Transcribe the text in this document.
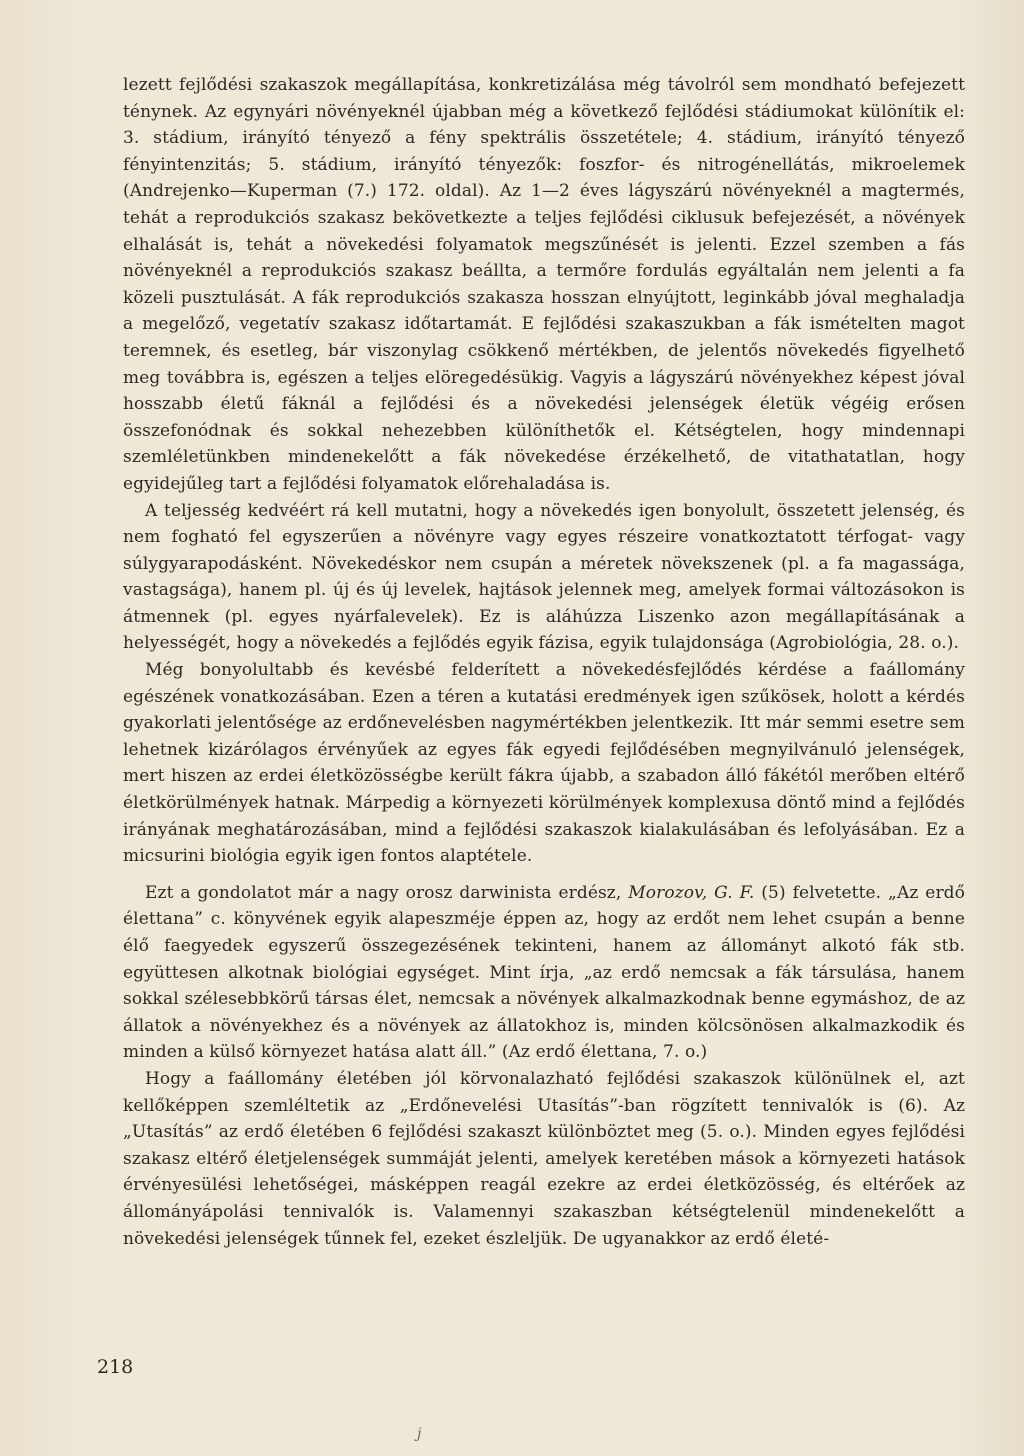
lezett fejlődési szakaszok megállapítása, konkretizálása még távolról sem mondható befejezett ténynek. Az egynyári növényeknél újabban még a következő fejlődési stádiumokat különítik el: 3. stádium, irányító tényező a fény spektrális összetétele; 4. stádium, irányító tényező fényintenzitás; 5. stádium, irányító tényezők: foszfor- és nitrogénellátás, mikroelemek (Andrejenko—Kuperman (7.) 172. oldal). Az 1—2 éves lágyszárú növényeknél a magtermés, tehát a reprodukciós szakasz bekövetkezte a teljes fejlődési ciklusuk befejezését, a növények elhalását is, tehát a növekedési folyamatok megszűnését is jelenti. Ezzel szemben a fás növényeknél a reprodukciós szakasz beállta, a termőre fordulás egyáltalán nem jelenti a fa közeli pusztulását. A fák reprodukciós szakasza hosszan elnyújtott, leginkább jóval meghaladja a megelőző, vegetatív szakasz időtartamát. E fejlődési szakaszukban a fák ismételten magot teremnek, és esetleg, bár viszonylag csökkenő mértékben, de jelentős növekedés figyelhető meg továbbra is, egészen a teljes elöregedésükig. Vagyis a lágyszárú növényekhez képest jóval hosszabb életű fáknál a fejlődési és a növekedési jelenségek életük végéig erősen összefonódnak és sokkal nehezebben különíthetők el. Kétségtelen, hogy mindennapi szemléletünkben mindenekelőtt a fák növekedése érzékelhető, de vitathatatlan, hogy egyidejűleg tart a fejlődési folyamatok előrehaladása is.

A teljesség kedvéért rá kell mutatni, hogy a növekedés igen bonyolult, összetett jelenség, és nem fogható fel egyszerűen a növényre vagy egyes részeire vonatkoztatott térfogat- vagy súlygyarapodásként. Növekedéskor nem csupán a méretek növekszenek (pl. a fa magassága, vastagsága), hanem pl. új és új levelek, hajtások jelennek meg, amelyek formai változásokon is átmennek (pl. egyes nyárfalevelek). Ez is aláhúzza Liszenko azon megállapításának a helyességét, hogy a növekedés a fejlődés egyik fázisa, egyik tulajdonsága (Agrobiológia, 28. o.).

Még bonyolultabb és kevésbé felderített a növekedésfejlődés kérdése a faállomány egészének vonatkozásában. Ezen a téren a kutatási eredmények igen szűkösek, holott a kérdés gyakorlati jelentősége az erdőnevelésben nagymértékben jelentkezik. Itt már semmi esetre sem lehetnek kizárólagos érvényűek az egyes fák egyedi fejlődésében megnyilvánuló jelenségek, mert hiszen az erdei életközösségbe került fákra újabb, a szabadon álló fákétól merőben eltérő életkörülmények hatnak. Márpedig a környezeti körülmények komplexusa döntő mind a fejlődés irányának meghatározásában, mind a fejlődési szakaszok kialakulásában és lefolyásában. Ez a micsurini biológia egyik igen fontos alaptétele.

Ezt a gondolatot már a nagy orosz darwinista erdész, Morozov, G. F. (5) felvetette. „Az erdő élettana” c. könyvének egyik alapeszméje éppen az, hogy az erdőt nem lehet csupán a benne élő faegyedek egyszerű összegezésének tekinteni, hanem az állományt alkotó fák stb. együttesen alkotnak biológiai egységet. Mint írja, „az erdő nemcsak a fák társulása, hanem sokkal szélesebbkörű társas élet, nemcsak a növények alkalmazkodnak benne egymáshoz, de az állatok a növényekhez és a növények az állatokhoz is, minden kölcsönösen alkalmazkodik és minden a külső környezet hatása alatt áll.” (Az erdő élettana, 7. o.)

Hogy a faállomány életében jól körvonalazható fejlődési szakaszok különülnek el, azt kellőképpen szemléltetik az „Erdőnevelési Utasítás”-ban rögzített tennivalók is (6). Az „Utasítás” az erdő életében 6 fejlődési szakaszt különböztet meg (5. o.). Minden egyes fejlődési szakasz eltérő életjelenségek summáját jelenti, amelyek keretében mások a környezeti hatások érvényesülési lehetőségei, másképpen reagál ezekre az erdei életközösség, és eltérőek az állományápolási tennivalók is. Valamennyi szakaszban kétségtelenül mindenekelőtt a növekedési jelenségek tűnnek fel, ezeket észleljük. De ugyanakkor az erdő életé-

218
j
